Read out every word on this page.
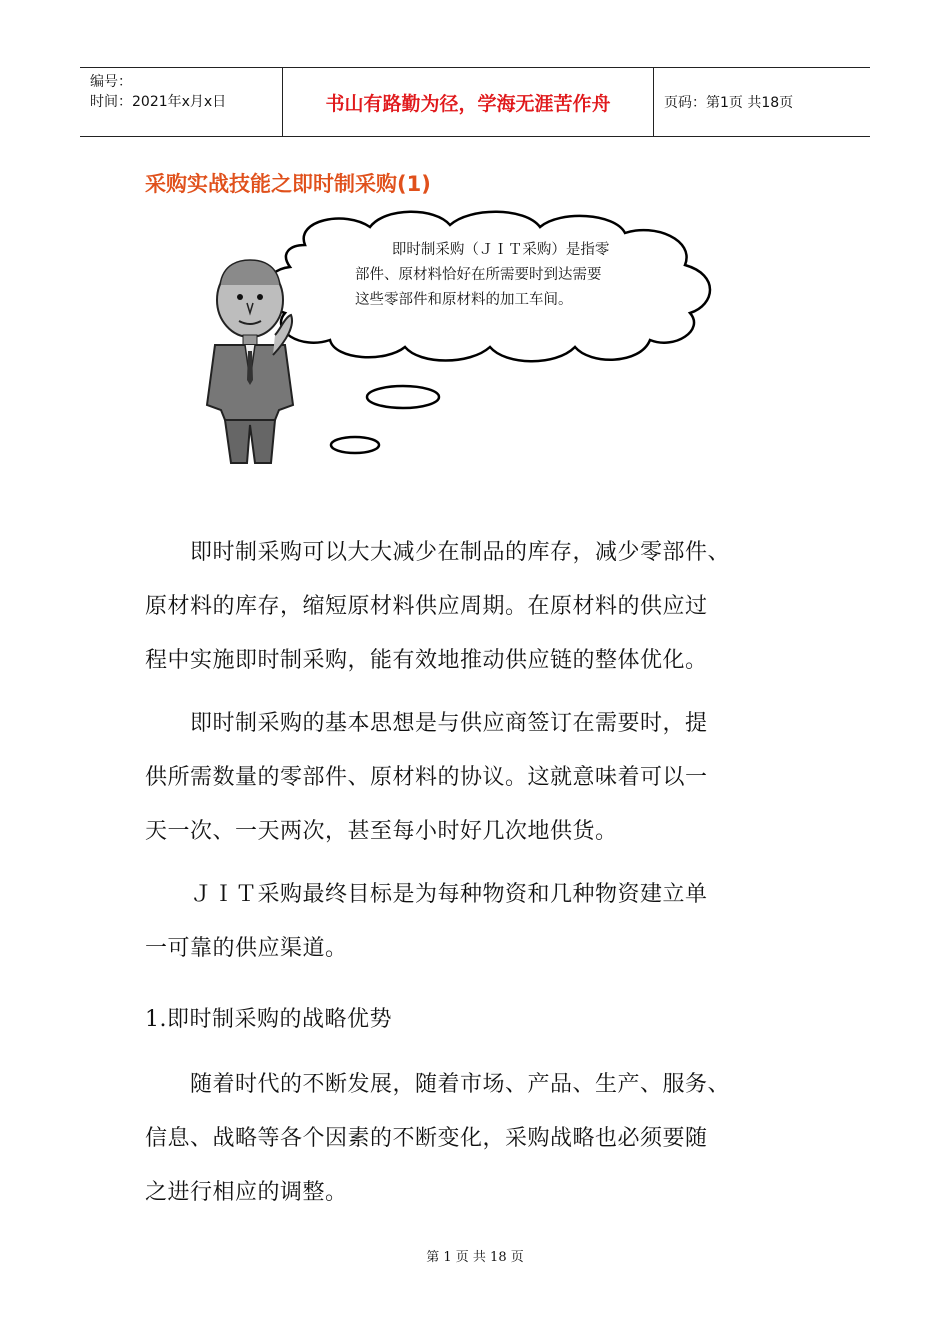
编号：
时间：2021年x月x日	书山有路勤为径，学海无涯苦作舟	页码：第1页 共18页
采购实战技能之即时制采购(1)
即时制采购（ＪＩＴ采购）是指零
部件、原材料恰好在所需要时到达需要
这些零部件和原材料的加工车间。

　　即时制采购可以大大减少在制品的库存，减少零部件、

原材料的库存，缩短原材料供应周期。在原材料的供应过

程中实施即时制采购，能有效地推动供应链的整体优化。

　　即时制采购的基本思想是与供应商签订在需要时，提

供所需数量的零部件、原材料的协议。这就意味着可以一

天一次、一天两次，甚至每小时好几次地供货。

　　ＪＩＴ采购最终目标是为每种物资和几种物资建立单

一可靠的供应渠道。

1.即时制采购的战略优势

　　随着时代的不断发展，随着市场、产品、生产、服务、

信息、战略等各个因素的不断变化，采购战略也必须要随

之进行相应的调整。

第 1 页 共 18 页
